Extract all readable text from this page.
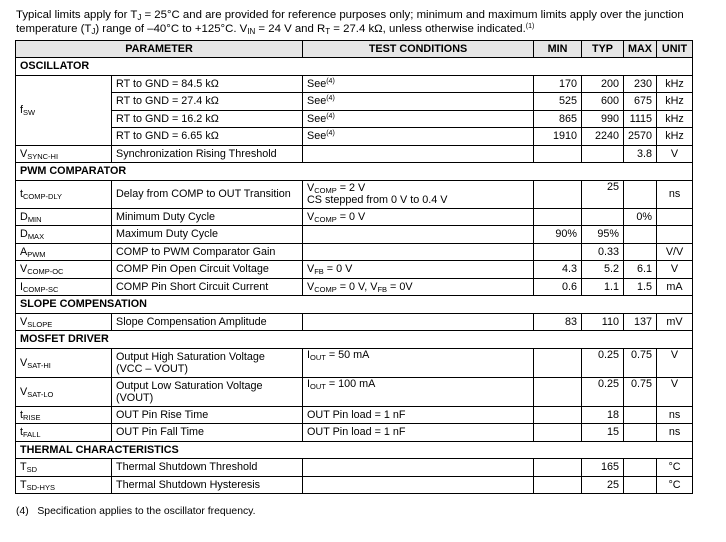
Typical limits apply for $T_J = 25^\circ C$ and are provided for reference purposes only; minimum and maximum limits apply over the junction temperature $(T_J)$ range of –40°C to +125°C. $V_{IN} = 24$ V and $R_T = 27.4$ kΩ, unless otherwise indicated.$^{(1)}$
PARAMETER		TEST CONDITIONS	MIN	TYP	MAX	UNIT
OSCILLATOR						
$f_{SW}$	RT to GND = 84.5 kΩ	See$^{(4)}$	170	200	230	kHz
	RT to GND = 27.4 kΩ	See$^{(4)}$	525	600	675	kHz
	RT to GND = 16.2 kΩ	See$^{(4)}$	865	990	1115	kHz
	RT to GND = 6.65 kΩ	See$^{(4)}$	1910	2240	2570	kHz
$V_{SYNC-HI}$	Synchronization Rising Threshold				3.8	V
PWM COMPARATOR						
$t_{COMP-DLY}$	Delay from COMP to OUT Transition	$V_{COMP} = 2$ V
CS stepped from 0 V to 0.4 V		25		ns
$D_{MIN}$	Minimum Duty Cycle	$V_{COMP} = 0$ V			0%	
$D_{MAX}$	Maximum Duty Cycle		90%	95%		
$A_{PWM}$	COMP to PWM Comparator Gain			0.33		V/V
$V_{COMP-OC}$	COMP Pin Open Circuit Voltage	$V_{FB} = 0$ V	4.3	5.2	6.1	V
$I_{COMP-SC}$	COMP Pin Short Circuit Current	$V_{COMP} = 0$ V, $V_{FB} = 0V$	0.6	1.1	1.5	mA
SLOPE COMPENSATION						
$V_{SLOPE}$	Slope Compensation Amplitude		83	110	137	mV
MOSFET DRIVER						
$V_{SAT-HI}$	Output High Saturation Voltage
(VCC – VOUT)	$I_{OUT} = 50$ mA		0.25	0.75	V
$V_{SAT-LO}$	Output Low Saturation Voltage
(VOUT)	$I_{OUT} = 100$ mA		0.25	0.75	V
$t_{RISE}$	OUT Pin Rise Time	OUT Pin load = 1 nF		18		ns
$t_{FALL}$	OUT Pin Fall Time	OUT Pin load = 1 nF		15		ns
THERMAL CHARACTERISTICS						
$T_{SD}$	Thermal Shutdown Threshold			165		°C
$T_{SD-HYS}$	Thermal Shutdown Hysteresis			25		°C
(4)   Specification applies to the oscillator frequency.
